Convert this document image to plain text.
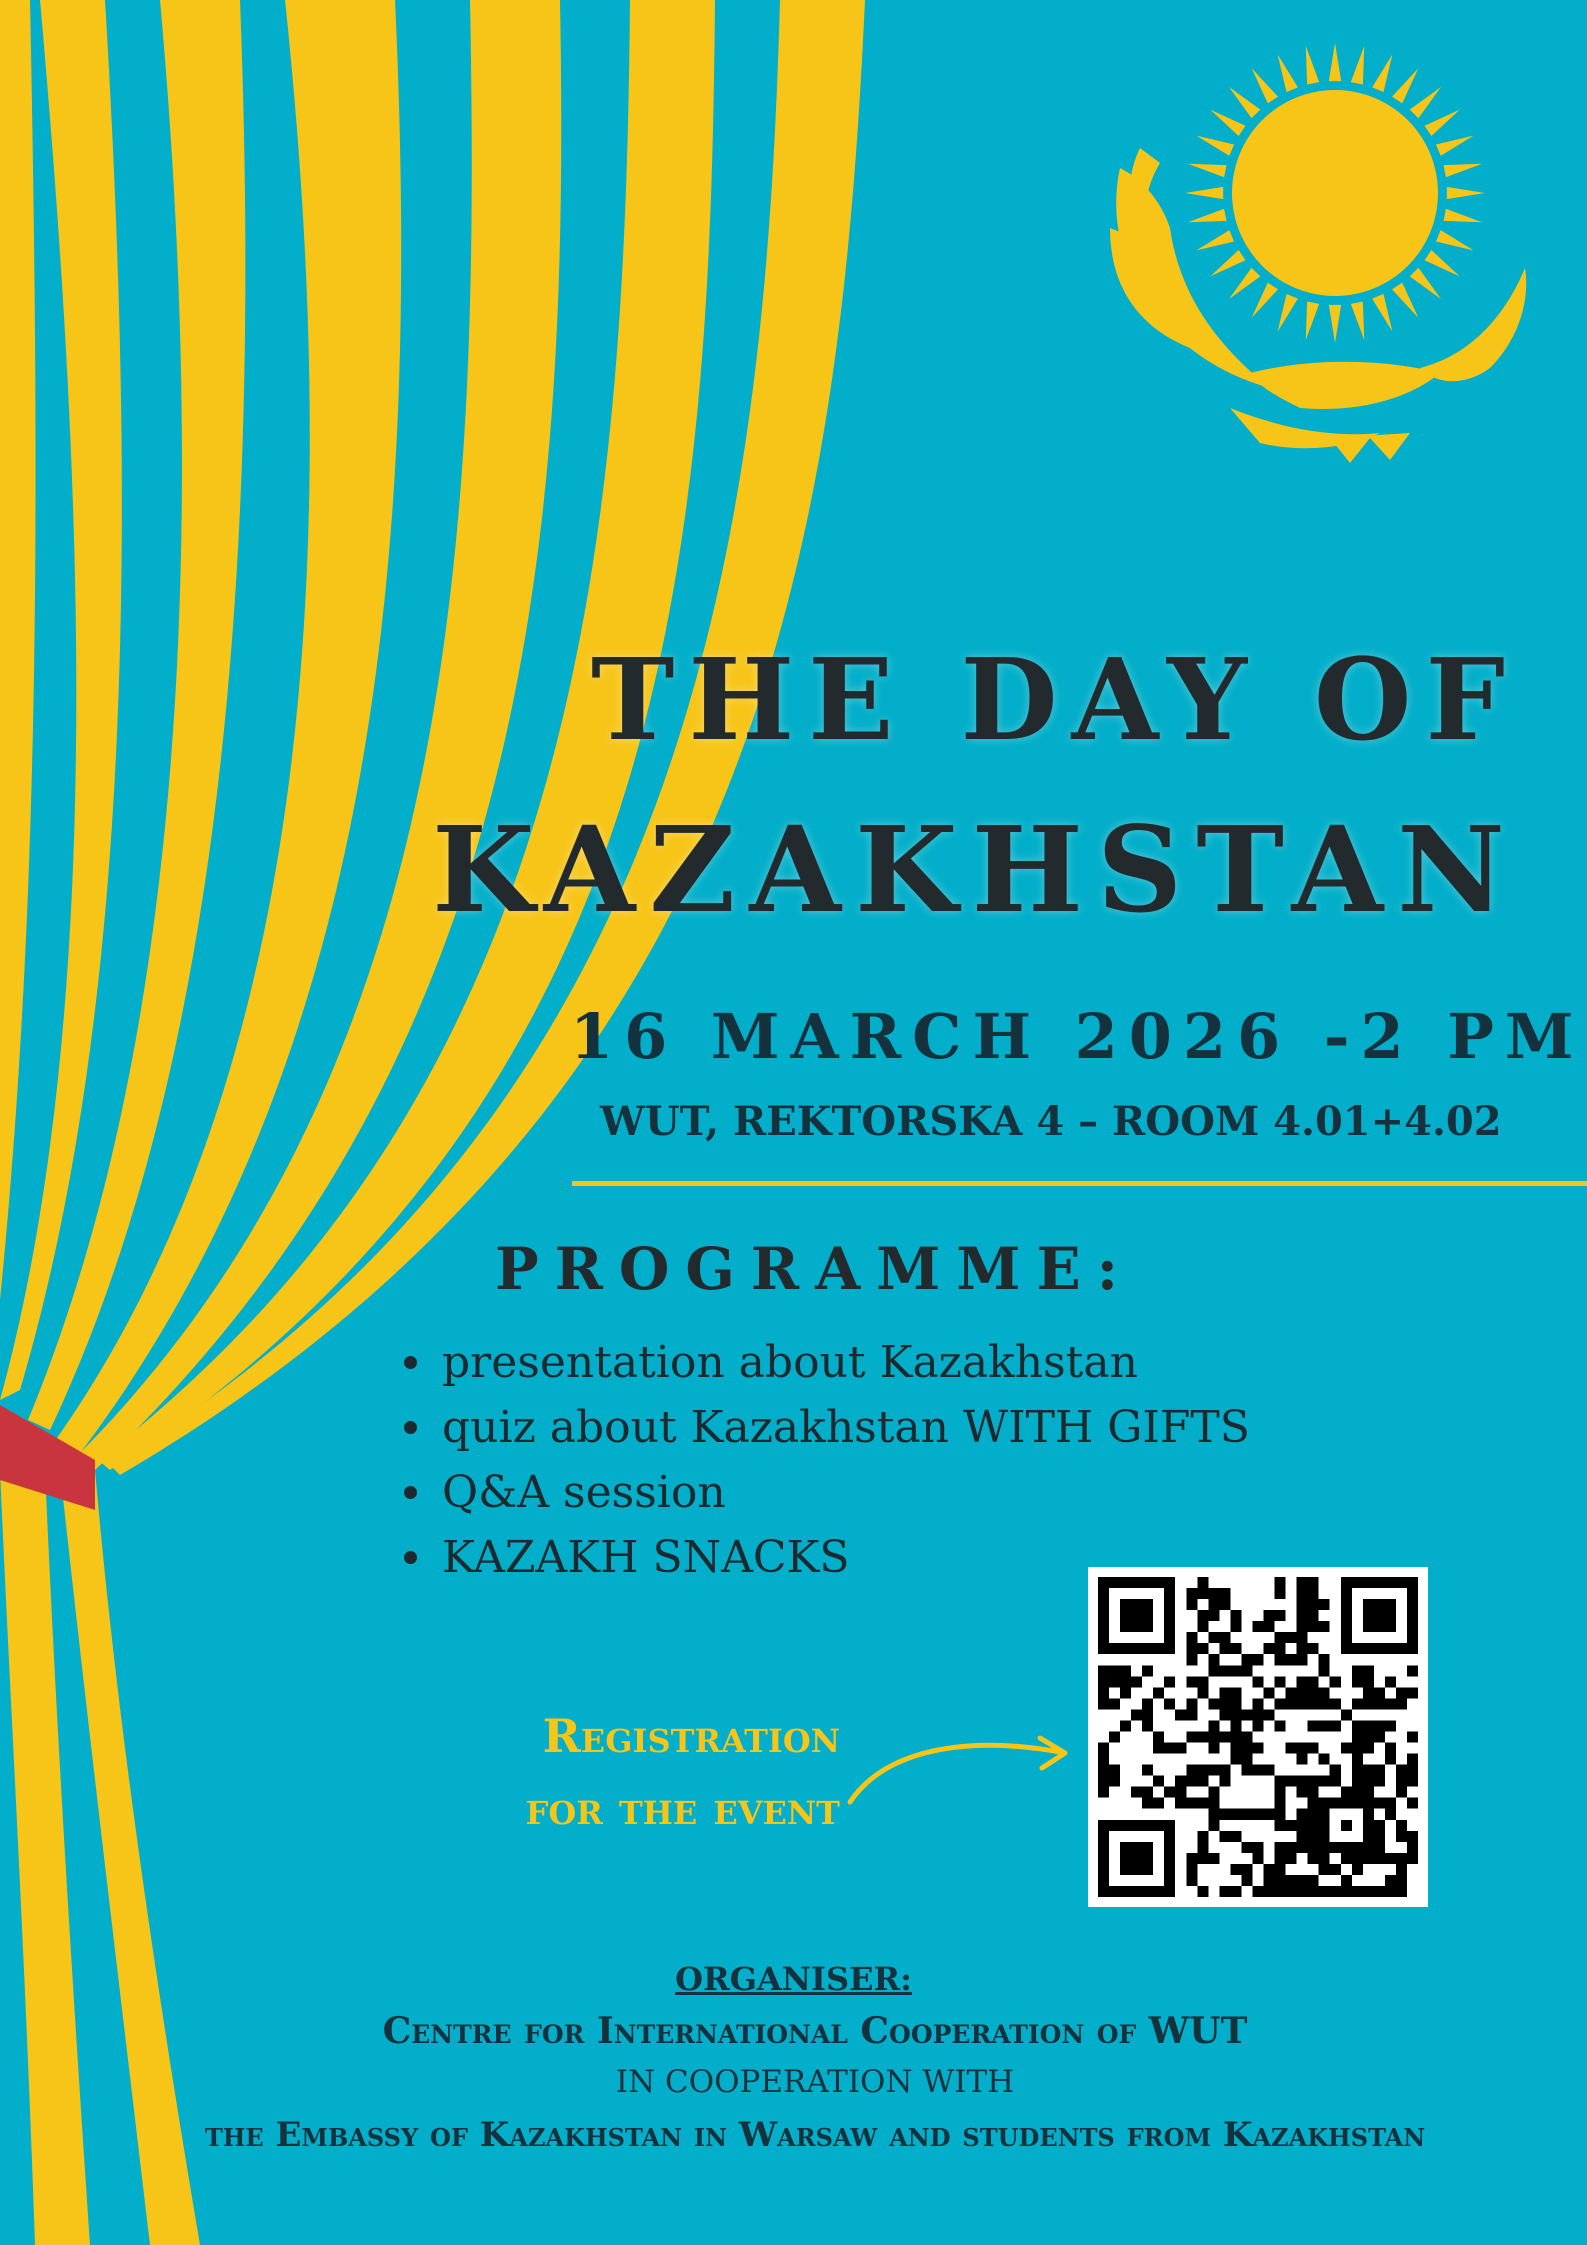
THE DAY OF
KAZAKHSTAN
16 MARCH 2026 -2 PM
WUT, REKTORSKA 4 – ROOM 4.01+4.02
PROGRAMME:
presentation about Kazakhstan
quiz about Kazakhstan WITH GIFTS
Q&A session
KAZAKH SNACKS
Registration
for the event
ORGANISER:
Centre for International Cooperation of WUT
IN COOPERATION WITH
the Embassy of Kazakhstan in Warsaw and students from Kazakhstan
